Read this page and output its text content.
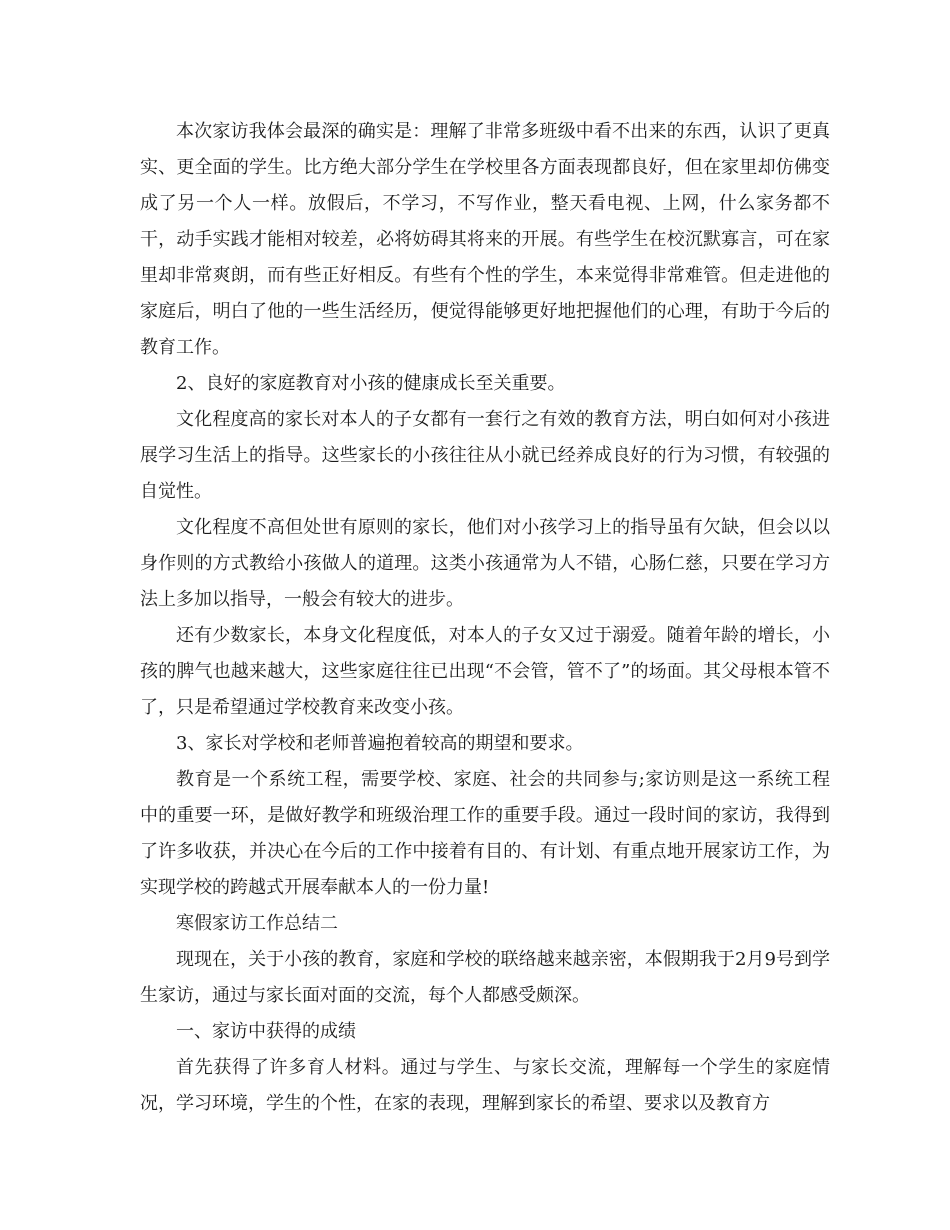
本次家访我体会最深的确实是：理解了非常多班级中看不出来的东西，认识了更真实、更全面的学生。比方绝大部分学生在学校里各方面表现都良好，但在家里却仿佛变成了另一个人一样。放假后，不学习，不写作业，整天看电视、上网，什么家务都不干，动手实践才能相对较差，必将妨碍其将来的开展。有些学生在校沉默寡言，可在家里却非常爽朗，而有些正好相反。有些有个性的学生，本来觉得非常难管。但走进他的家庭后，明白了他的一些生活经历，便觉得能够更好地把握他们的心理，有助于今后的教育工作。

2、良好的家庭教育对小孩的健康成长至关重要。

文化程度高的家长对本人的子女都有一套行之有效的教育方法，明白如何对小孩进展学习生活上的指导。这些家长的小孩往往从小就已经养成良好的行为习惯，有较强的自觉性。

文化程度不高但处世有原则的家长，他们对小孩学习上的指导虽有欠缺，但会以以身作则的方式教给小孩做人的道理。这类小孩通常为人不错，心肠仁慈，只要在学习方法上多加以指导，一般会有较大的进步。

还有少数家长，本身文化程度低，对本人的子女又过于溺爱。随着年龄的增长，小孩的脾气也越来越大，这些家庭往往已出现“不会管，管不了”的场面。其父母根本管不了，只是希望通过学校教育来改变小孩。

3、家长对学校和老师普遍抱着较高的期望和要求。

教育是一个系统工程，需要学校、家庭、社会的共同参与;家访则是这一系统工程中的重要一环，是做好教学和班级治理工作的重要手段。通过一段时间的家访，我得到了许多收获，并决心在今后的工作中接着有目的、有计划、有重点地开展家访工作，为实现学校的跨越式开展奉献本人的一份力量!

寒假家访工作总结二

现现在，关于小孩的教育，家庭和学校的联络越来越亲密，本假期我于2月9号到学生家访，通过与家长面对面的交流，每个人都感受颇深。

一、家访中获得的成绩

首先获得了许多育人材料。通过与学生、与家长交流，理解每一个学生的家庭情况，学习环境，学生的个性，在家的表现，理解到家长的希望、要求以及教育方
